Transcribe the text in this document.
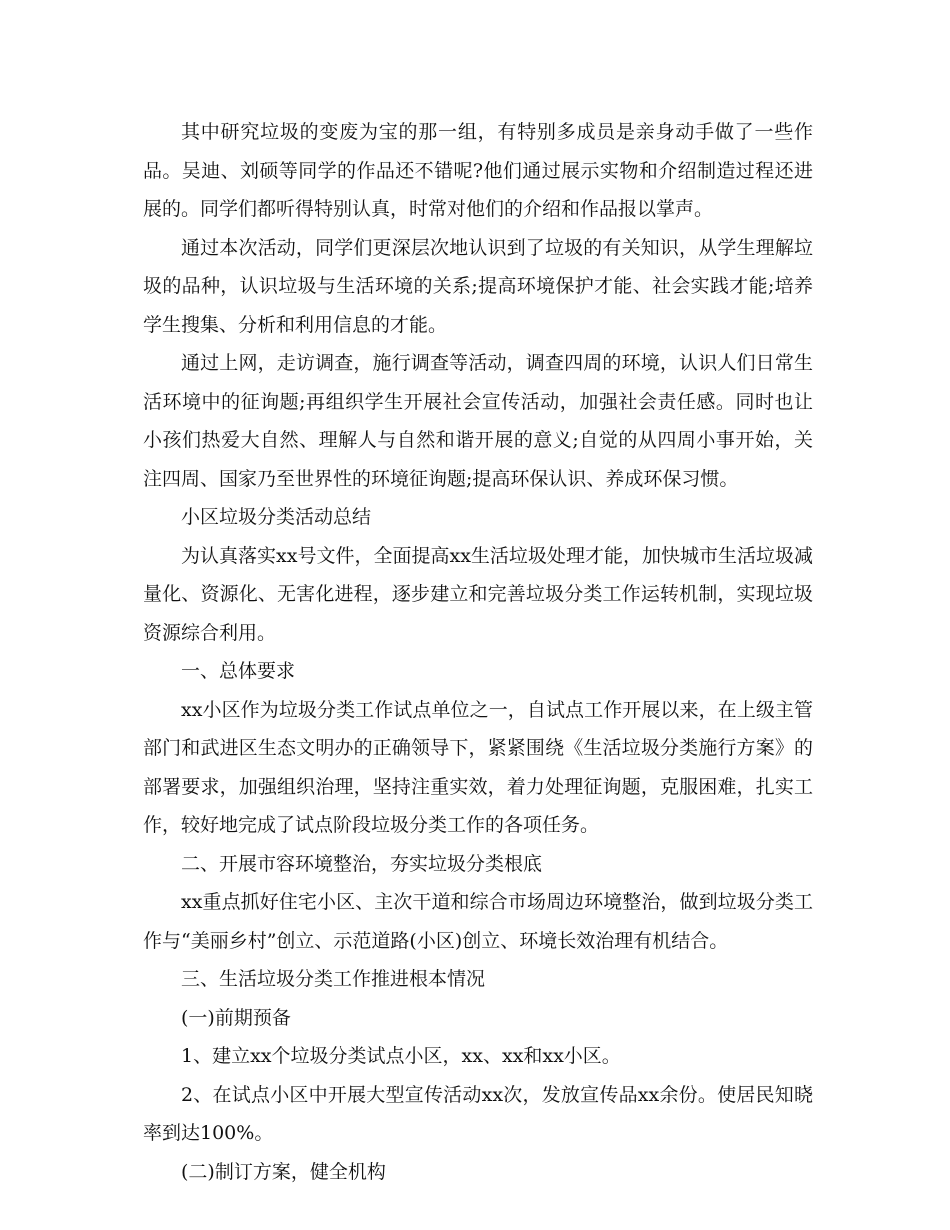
其中研究垃圾的变废为宝的那一组，有特别多成员是亲身动手做了一些作品。吴迪、刘硕等同学的作品还不错呢?他们通过展示实物和介绍制造过程还进展的。同学们都听得特别认真，时常对他们的介绍和作品报以掌声。

通过本次活动，同学们更深层次地认识到了垃圾的有关知识，从学生理解垃圾的品种，认识垃圾与生活环境的关系;提高环境保护才能、社会实践才能;培养学生搜集、分析和利用信息的才能。

通过上网，走访调查，施行调查等活动，调查四周的环境，认识人们日常生活环境中的征询题;再组织学生开展社会宣传活动，加强社会责任感。同时也让小孩们热爱大自然、理解人与自然和谐开展的意义;自觉的从四周小事开始，关注四周、国家乃至世界性的环境征询题;提高环保认识、养成环保习惯。

小区垃圾分类活动总结

为认真落实xx号文件，全面提高xx生活垃圾处理才能，加快城市生活垃圾减量化、资源化、无害化进程，逐步建立和完善垃圾分类工作运转机制，实现垃圾资源综合利用。

一、总体要求

xx小区作为垃圾分类工作试点单位之一，自试点工作开展以来，在上级主管部门和武进区生态文明办的正确领导下，紧紧围绕《生活垃圾分类施行方案》的部署要求，加强组织治理，坚持注重实效，着力处理征询题，克服困难，扎实工作，较好地完成了试点阶段垃圾分类工作的各项任务。

二、开展市容环境整治，夯实垃圾分类根底

xx重点抓好住宅小区、主次干道和综合市场周边环境整治，做到垃圾分类工作与“美丽乡村”创立、示范道路(小区)创立、环境长效治理有机结合。

三、生活垃圾分类工作推进根本情况

(一)前期预备

1、建立xx个垃圾分类试点小区，xx、xx和xx小区。

2、在试点小区中开展大型宣传活动xx次，发放宣传品xx余份。使居民知晓率到达100%。

(二)制订方案，健全机构
